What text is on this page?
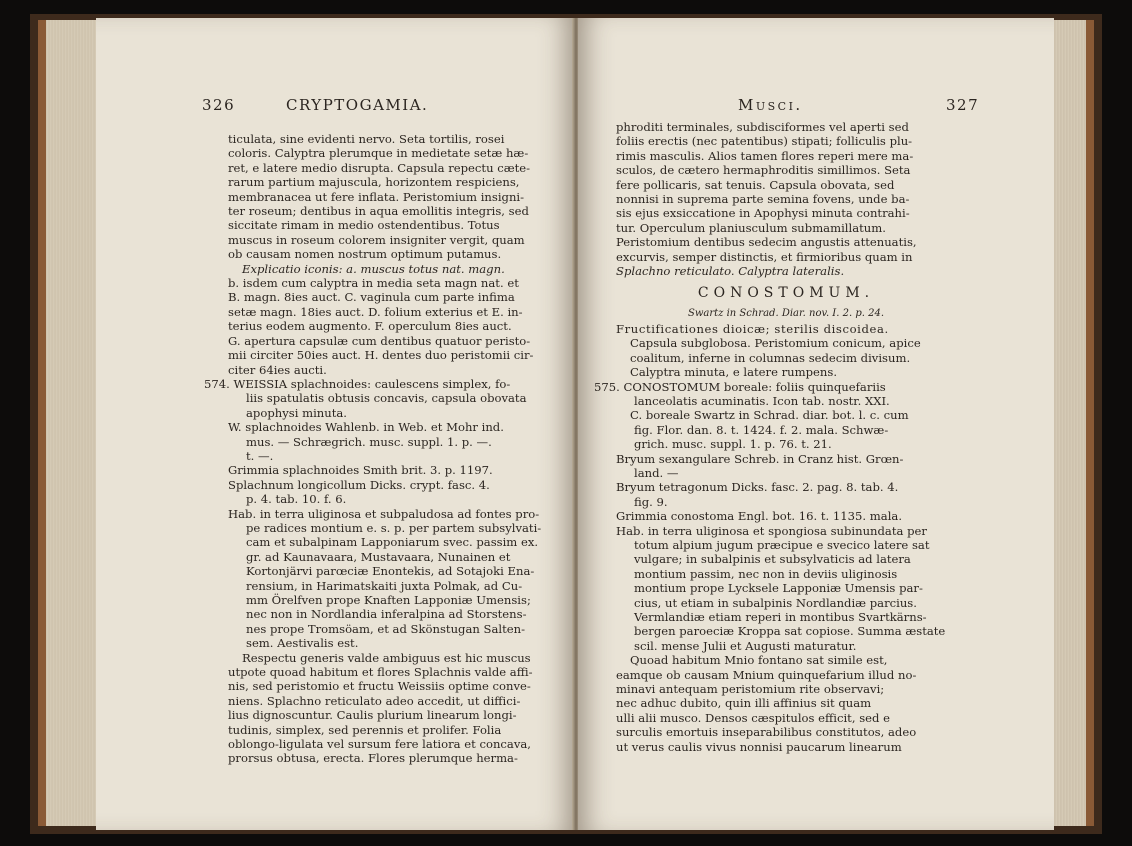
326	CRYPTOGAMIA.
ticulata, sine evidenti nervo. Seta tortilis, rosei
coloris. Calyptra plerumque in medietate setæ hæ-
ret, e latere medio disrupta. Capsula repectu cæte-
rarum partium majuscula, horizontem respiciens,
membranacea ut fere inflata. Peristomium insigni-
ter roseum; dentibus in aqua emollitis integris, sed
siccitate rimam in medio ostendentibus. Totus
muscus in roseum colorem insigniter vergit, quam
ob causam nomen nostrum optimum putamus.
Explicatio iconis: a. muscus totus nat. magn.
b. isdem cum calyptra in media seta magn nat. et
B. magn. 8ies auct. C. vaginula cum parte infima
setæ magn. 18ies auct. D. folium exterius et E. in-
terius eodem augmento. F. operculum 8ies auct.
G. apertura capsulæ cum dentibus quatuor peristo-
mii circiter 50ies auct. H. dentes duo peristomii cir-
citer 64ies aucti.
574. WEISSIA splachnoides: caulescens simplex, fo-
liis spatulatis obtusis concavis, capsula obovata
apophysi minuta.
W. splachnoides Wahlenb. in Web. et Mohr ind.
mus. — Schrægrich. musc. suppl. 1. p. —.
t. —.
Grimmia splachnoides Smith brit. 3. p. 1197.
Splachnum longicollum Dicks. crypt. fasc. 4.
p. 4. tab. 10. f. 6.
Hab. in terra uliginosa et subpaludosa ad fontes pro-
pe radices montium e. s. p. per partem subsylvati-
cam et subalpinam Lapponiarum svec. passim ex.
gr. ad Kaunavaara, Mustavaara, Nunainen et
Kortonjärvi parœciæ Enontekis, ad Sotajoki Ena-
rensium, in Harimatskaiti juxta Polmak, ad Cu-
mm Örelfven prope Knaften Lapponiæ Umensis;
nec non in Nordlandia inferalpina ad Storstens-
nes prope Tromsöam, et ad Skönstugan Salten-
sem. Aestivalis est.
Respectu generis valde ambiguus est hic muscus
utpote quoad habitum et flores Splachnis valde affi-
nis, sed peristomio et fructu Weissiis optime conve-
niens. Splachno reticulato adeo accedit, ut diffici-
lius dignoscuntur. Caulis plurium linearum longi-
tudinis, simplex, sed perennis et prolifer. Folia
oblongo-ligulata vel sursum fere latiora et concava,
prorsus obtusa, erecta. Flores plerumque herma-
Musci.	327
phroditi terminales, subdisciformes vel aperti sed
foliis erectis (nec patentibus) stipati; folliculis plu-
rimis masculis. Alios tamen flores reperi mere ma-
sculos, de cætero hermaphroditis simillimos. Seta
fere pollicaris, sat tenuis. Capsula obovata, sed
nonnisi in suprema parte semina fovens, unde ba-
sis ejus exsiccatione in Apophysi minuta contrahi-
tur. Operculum planiusculum submamillatum.
Peristomium dentibus sedecim angustis attenuatis,
excurvis, semper distinctis, et firmioribus quam in
Splachno reticulato. Calyptra lateralis.
CONOSTOMUM.
Swartz in Schrad. Diar. nov. I. 2. p. 24.
Fructificationes dioicæ; sterilis discoidea.
Capsula subglobosa. Peristomium conicum, apice
coalitum, inferne in columnas sedecim divisum.
Calyptra minuta, e latere rumpens.
575. CONOSTOMUM boreale: foliis quinquefariis
lanceolatis acuminatis. Icon tab. nostr. XXI.
C. boreale Swartz in Schrad. diar. bot. l. c. cum
fig. Flor. dan. 8. t. 1424. f. 2. mala. Schwæ-
grich. musc. suppl. 1. p. 76. t. 21.
Bryum sexangulare Schreb. in Cranz hist. Grœn-
land. —
Bryum tetragonum Dicks. fasc. 2. pag. 8. tab. 4.
fig. 9.
Grimmia conostoma Engl. bot. 16. t. 1135. mala.
Hab. in terra uliginosa et spongiosa subinundata per
totum alpium jugum præcipue e svecico latere sat
vulgare; in subalpinis et subsylvaticis ad latera
montium passim, nec non in deviis uliginosis
montium prope Lycksele Lapponiæ Umensis par-
cius, ut etiam in subalpinis Nordlandiæ parcius.
Vermlandiæ etiam reperi in montibus Svartkärns-
bergen paroeciæ Kroppa sat copiose. Summa æstate
scil. mense Julii et Augusti maturatur.
Quoad habitum Mnio fontano sat simile est,
eamque ob causam Mnium quinquefarium illud no-
minavi antequam peristomium rite observavi;
nec adhuc dubito, quin illi affinius sit quam
ulli alii musco. Densos cæspitulos efficit, sed e
surculis emortuis inseparabilibus constitutos, adeo
ut verus caulis vivus nonnisi paucarum linearum
